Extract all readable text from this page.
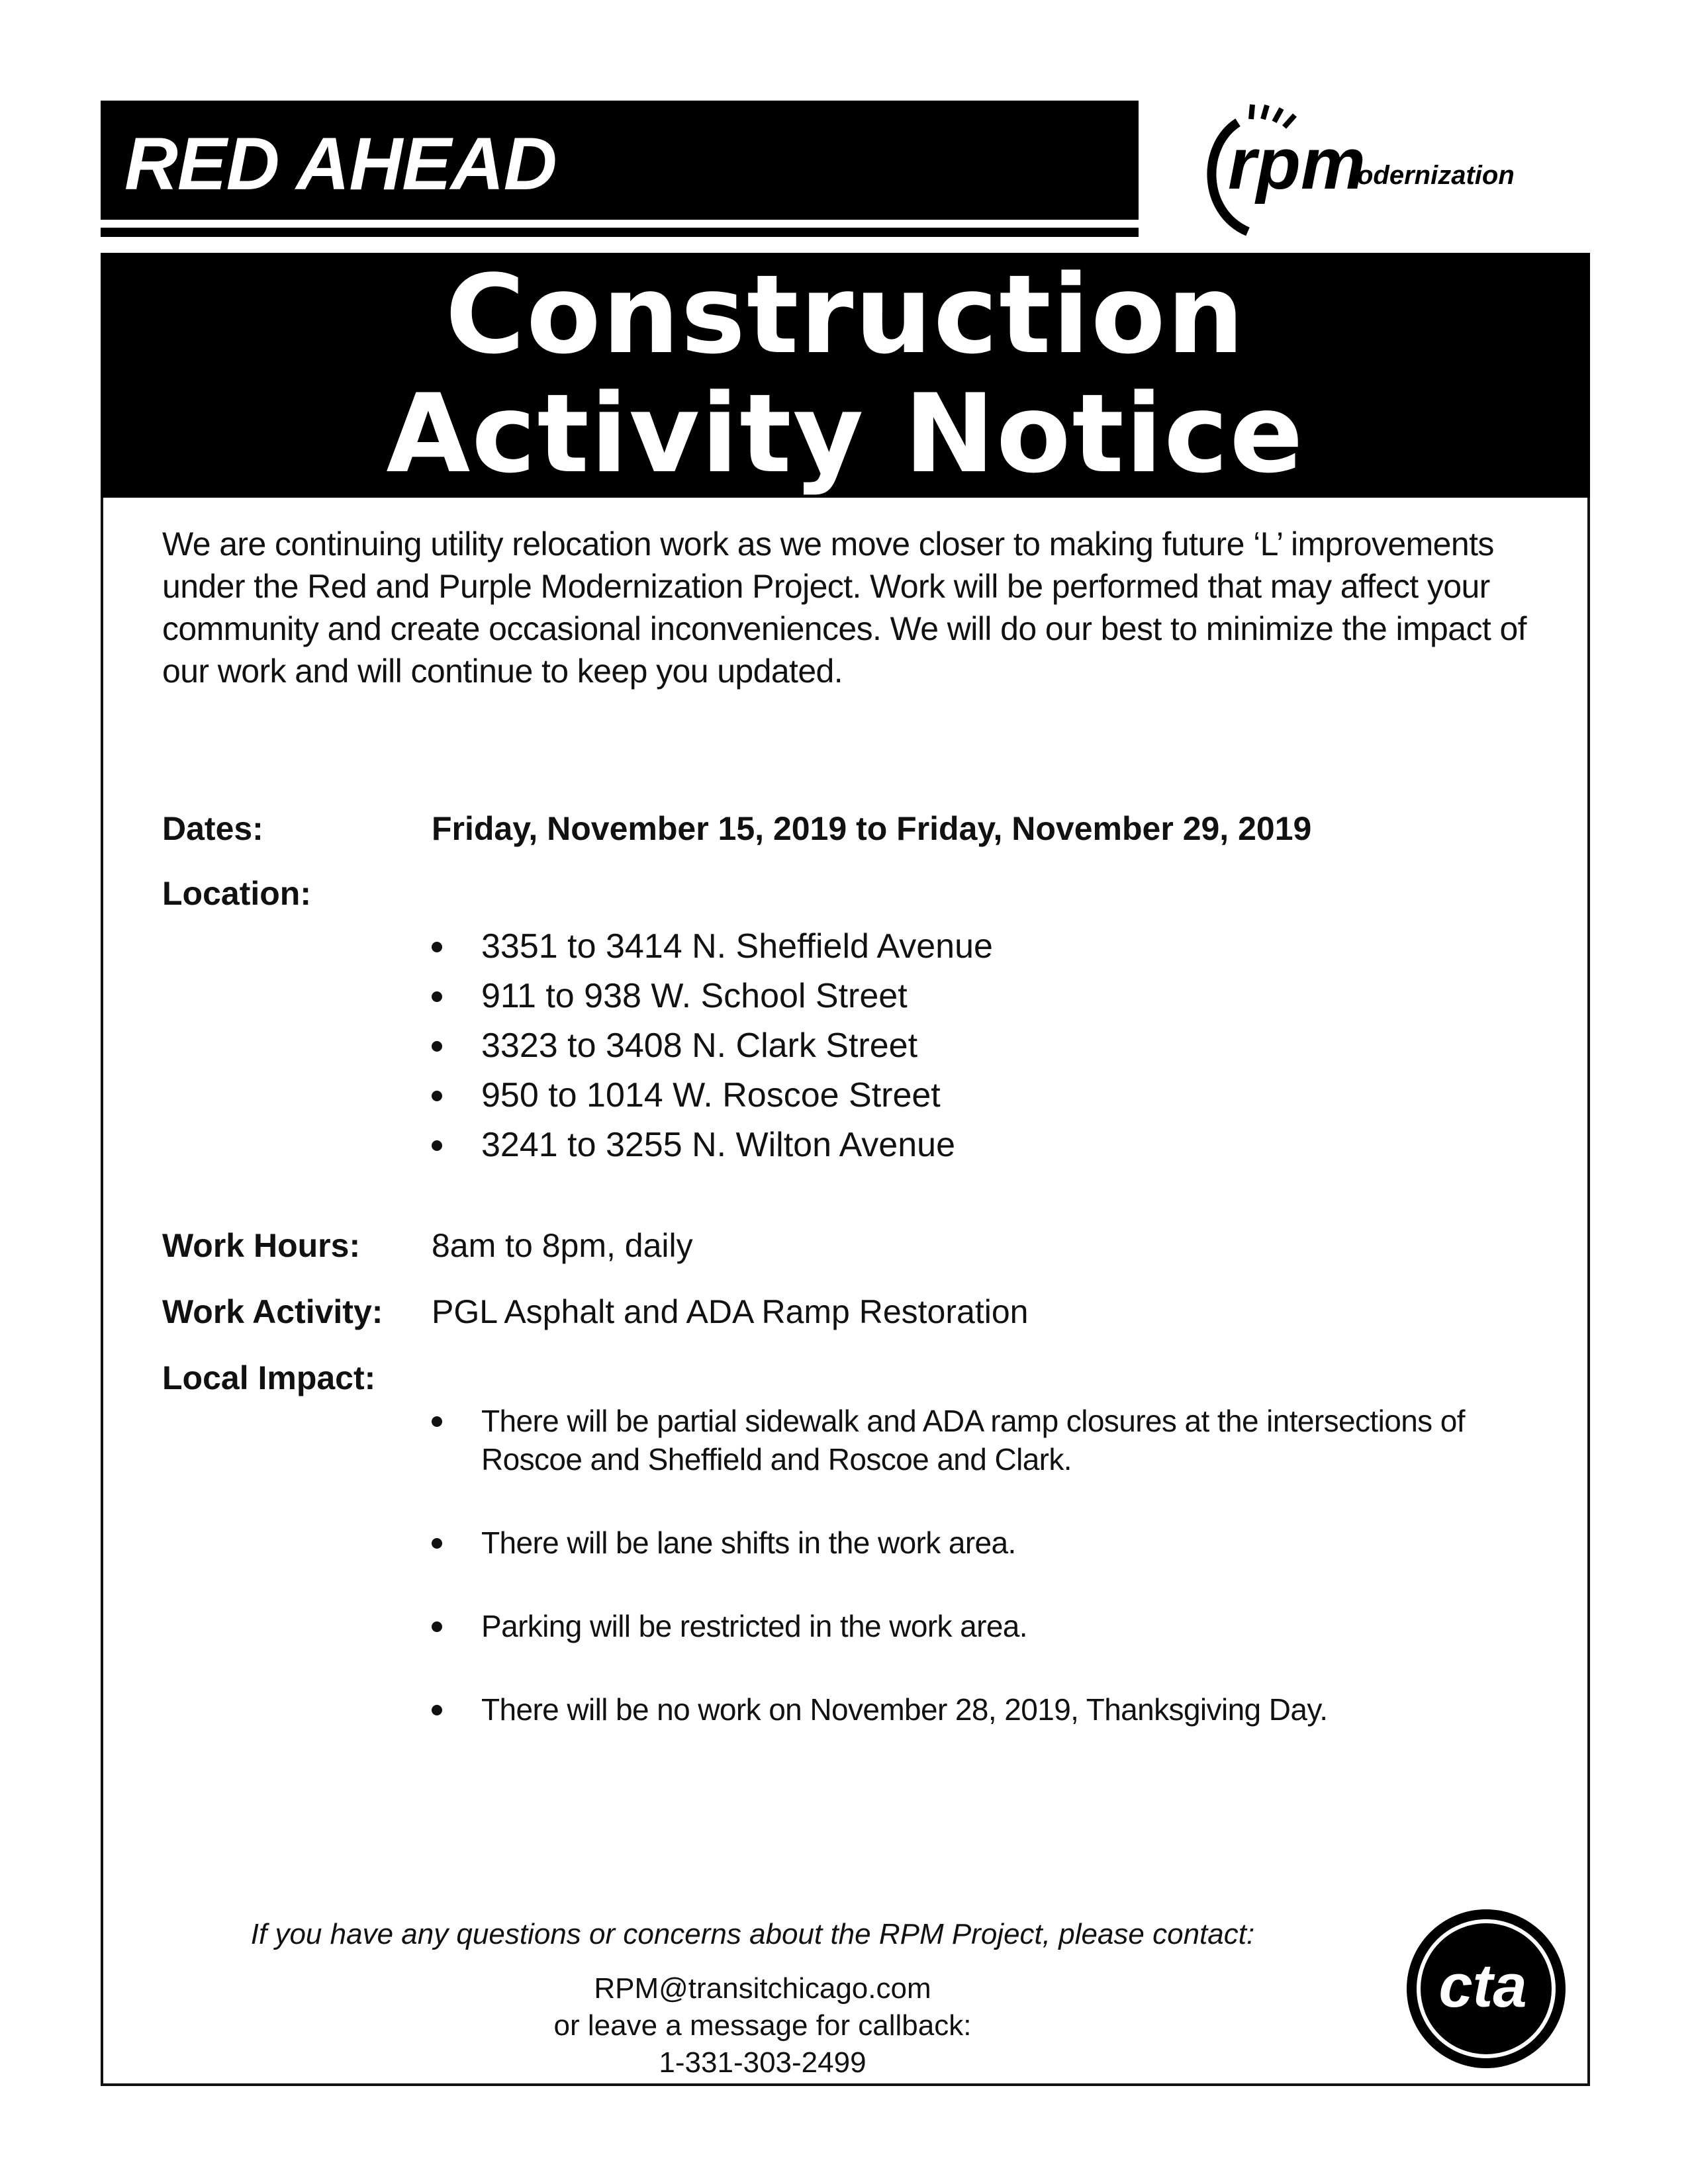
RED AHEAD	rpm
odernization
Construction
Activity Notice
We are continuing utility relocation work as we move closer to making future ‘L’ improvements under the Red and Purple Modernization Project. Work will be performed that may affect your community and create occasional inconveniences. We will do our best to minimize the impact of our work and will continue to keep you updated.
Dates:	Friday, November 15, 2019 to Friday, November 29, 2019
Location:
3351 to 3414 N. Sheffield Avenue
911 to 938 W. School Street
3323 to 3408 N. Clark Street
950 to 1014 W. Roscoe Street
3241 to 3255 N. Wilton Avenue
Work Hours: 8am to 8pm, daily
Work Activity: PGL Asphalt and ADA Ramp Restoration
Local Impact:
There will be partial sidewalk and ADA ramp closures at the intersections of Roscoe and Sheffield and Roscoe and Clark.
There will be lane shifts in the work area.
Parking will be restricted in the work area.
There will be no work on November 28, 2019, Thanksgiving Day.
If you have any questions or concerns about the RPM Project, please contact:
RPM@transitchicago.com
or leave a message for callback:
1-331-303-2499
cta
